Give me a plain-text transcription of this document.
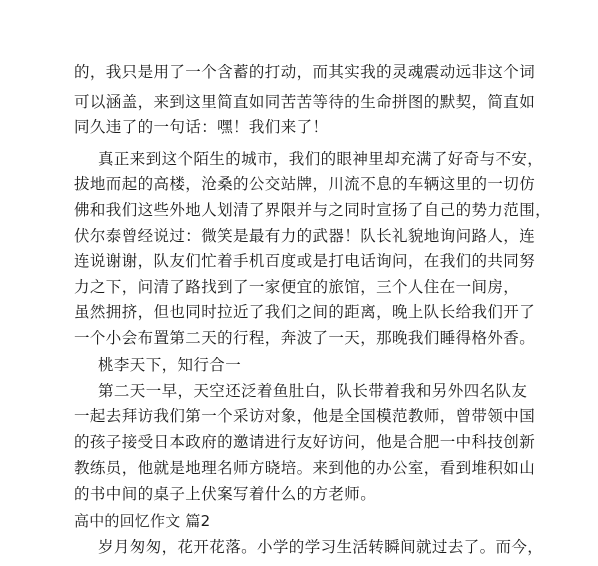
的，我只是用了一个含蓄的打动，而其实我的灵魂震动远非这个词
可以涵盖，来到这里简直如同苦苦等待的生命拼图的默契，简直如
同久违了的一句话：嘿！我们来了！
真正来到这个陌生的城市，我们的眼神里却充满了好奇与不安，
拔地而起的高楼，沧桑的公交站牌，川流不息的车辆这里的一切仿
佛和我们这些外地人划清了界限并与之同时宣扬了自己的势力范围，
伏尔泰曾经说过：微笑是最有力的武器！队长礼貌地询问路人，连
连说谢谢，队友们忙着手机百度或是打电话询问，在我们的共同努
力之下，问清了路找到了一家便宜的旅馆，三个人住在一间房，
虽然拥挤，但也同时拉近了我们之间的距离，晚上队长给我们开了
一个小会布置第二天的行程，奔波了一天，那晚我们睡得格外香。
桃李天下，知行合一
第二天一早，天空还泛着鱼肚白，队长带着我和另外四名队友
一起去拜访我们第一个采访对象，他是全国模范教师，曾带领中国
的孩子接受日本政府的邀请进行友好访问，他是合肥一中科技创新
教练员，他就是地理名师方晓培。来到他的办公室，看到堆积如山
的书中间的桌子上伏案写着什么的方老师。
高中的回忆作文 篇2
岁月匆匆，花开花落。小学的学习生活转瞬间就过去了。而今，
